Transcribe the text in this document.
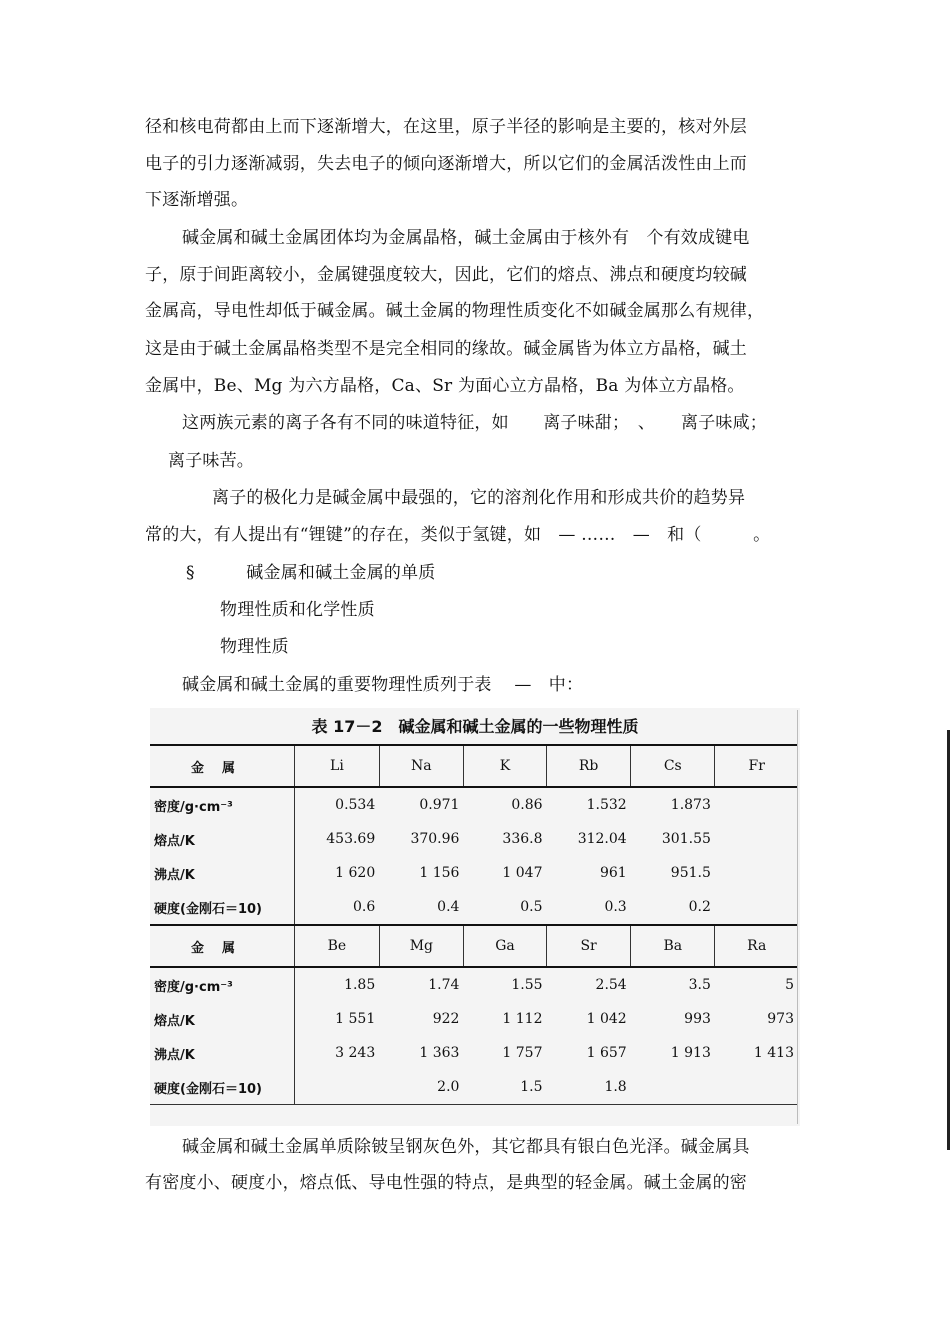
径和核电荷都由上而下逐渐增大，在这里，原子半径的影响是主要的，核对外层
电子的引力逐渐减弱，失去电子的倾向逐渐增大，所以它们的金属活泼性由上而
下逐渐增强。
碱金属和碱土金属团体均为金属晶格，碱土金属由于核外有　个有效成键电
子，原于间距离较小，金属键强度较大，因此，它们的熔点、沸点和硬度均较碱
金属高，导电性却低于碱金属。碱土金属的物理性质变化不如碱金属那么有规律，
这是由于碱土金属晶格类型不是完全相同的缘故。碱金属皆为体立方晶格，碱土
金属中，Be、Mg 为六方晶格，Ca、Sr 为面心立方晶格，Ba 为体立方晶格。
这两族元素的离子各有不同的味道特征，如　　离子味甜；　、　　离子味咸；
离子味苦。
离子的极化力是碱金属中最强的，它的溶剂化作用和形成共价的趋势异
常的大，有人提出有“锂键”的存在，类似于氢键，如　— ……　—　和（　　　。
§　　　碱金属和碱土金属的单质
物理性质和化学性质
物理性质
碱金属和碱土金属的重要物理性质列于表　 —　中：
表 17－2　碱金属和碱土金属的一些物理性质
金属	Li	Na	K	Rb	Cs	Fr
密度/g·cm⁻³	0.534	0.971	0.86	1.532	1.873	
熔点/K	453.69	370.96	336.8	312.04	301.55	
沸点/K	1 620	1 156	1 047	961	951.5	
硬度(金刚石＝10)	0.6	0.4	0.5	0.3	0.2	
金属	Be	Mg	Ga	Sr	Ba	Ra
密度/g·cm⁻³	1.85	1.74	1.55	2.54	3.5	5
熔点/K	1 551	922	1 112	1 042	993	973
沸点/K	3 243	1 363	1 757	1 657	1 913	1 413
硬度(金刚石＝10)		2.0	1.5	1.8		
碱金属和碱土金属单质除铍呈钢灰色外，其它都具有银白色光泽。碱金属具
有密度小、硬度小，熔点低、导电性强的特点，是典型的轻金属。碱土金属的密
